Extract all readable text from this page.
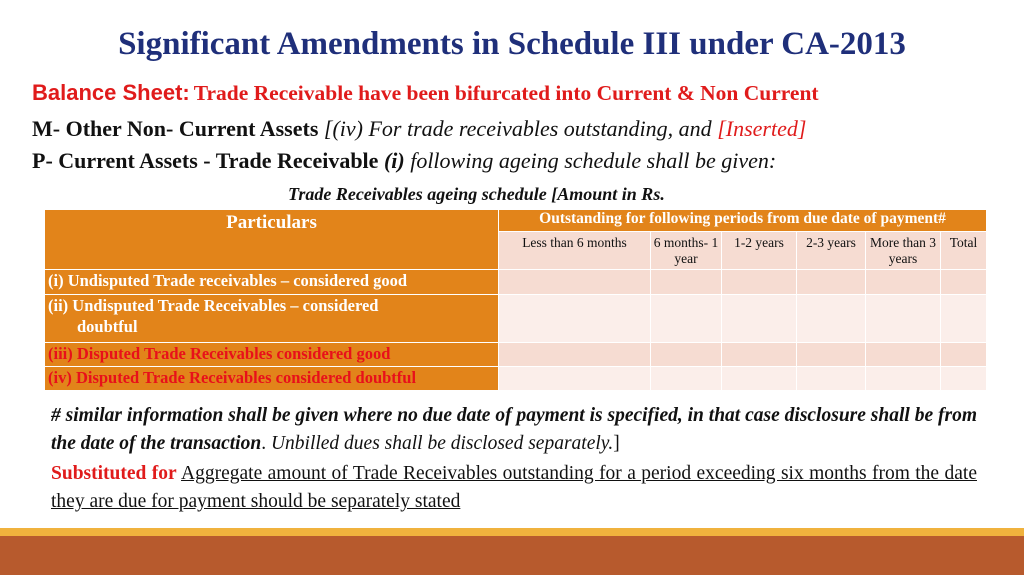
Significant Amendments in Schedule III under CA-2013
Balance Sheet: Trade Receivable have been bifurcated into Current & Non Current
M- Other Non- Current Assets [(iv) For trade receivables outstanding, and [Inserted]
P- Current Assets - Trade Receivable (i) following ageing schedule shall be given:
Trade Receivables ageing schedule [Amount in Rs.
Particulars	Outstanding for following periods from due date of payment#					
	Less than 6 months	6 months- 1 year	1-2 years	2-3 years	More than 3 years	Total
(i) Undisputed Trade receivables – considered good						
(ii) Undisputed Trade Receivables – considered
doubtful						

(iii) Disputed Trade Receivables considered good						
(iv) Disputed Trade Receivables considered doubtful						
# similar information shall be given where no due date of payment is specified, in that case disclosure shall be from the date of the transaction. Unbilled dues shall be disclosed separately.]
Substituted for Aggregate amount of Trade Receivables outstanding for a period exceeding six months from the date they are due for payment should be separately stated
